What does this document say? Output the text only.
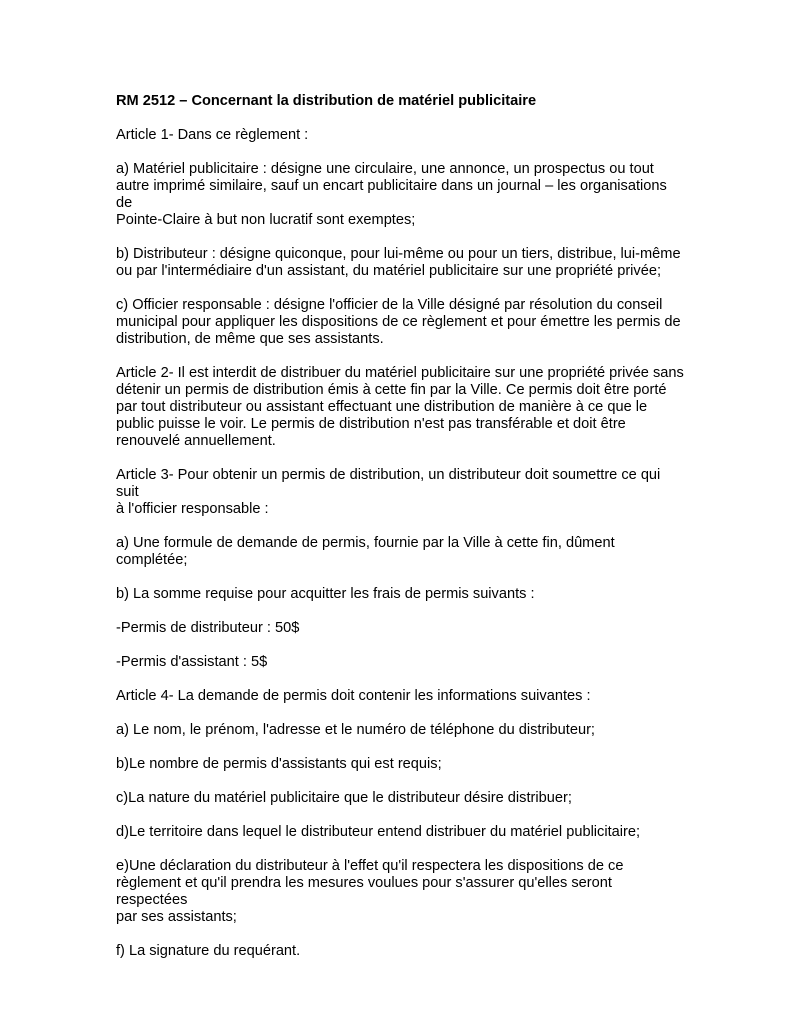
RM 2512 – Concernant la distribution de matériel publicitaire

Article 1- Dans ce règlement :

a) Matériel publicitaire : désigne une circulaire, une annonce, un prospectus ou tout
autre imprimé similaire, sauf un encart publicitaire dans un journal – les organisations de
Pointe-Claire à but non lucratif sont exemptes;

b) Distributeur : désigne quiconque, pour lui-même ou pour un tiers, distribue, lui-même
ou par l'intermédiaire d'un assistant, du matériel publicitaire sur une propriété privée;

c) Officier responsable : désigne l'officier de la Ville désigné par résolution du conseil
municipal pour appliquer les dispositions de ce règlement et pour émettre les permis de
distribution, de même que ses assistants.

Article 2- Il est interdit de distribuer du matériel publicitaire sur une propriété privée sans
détenir un permis de distribution émis à cette fin par la Ville. Ce permis doit être porté
par tout distributeur ou assistant effectuant une distribution de manière à ce que le
public puisse le voir. Le permis de distribution n'est pas transférable et doit être
renouvelé annuellement.

Article 3- Pour obtenir un permis de distribution, un distributeur doit soumettre ce qui suit
à l'officier responsable :

a) Une formule de demande de permis, fournie par la Ville à cette fin, dûment
complétée;

b) La somme requise pour acquitter les frais de permis suivants :

-Permis de distributeur : 50$

-Permis d'assistant : 5$

Article 4- La demande de permis doit contenir les informations suivantes :

a) Le nom, le prénom, l'adresse et le numéro de téléphone du distributeur;

b)Le nombre de permis d'assistants qui est requis;

c)La nature du matériel publicitaire que le distributeur désire distribuer;

d)Le territoire dans lequel le distributeur entend distribuer du matériel publicitaire;

e)Une déclaration du distributeur à l'effet qu'il respectera les dispositions de ce
règlement et qu'il prendra les mesures voulues pour s'assurer qu'elles seront respectées
par ses assistants;

f) La signature du requérant.
